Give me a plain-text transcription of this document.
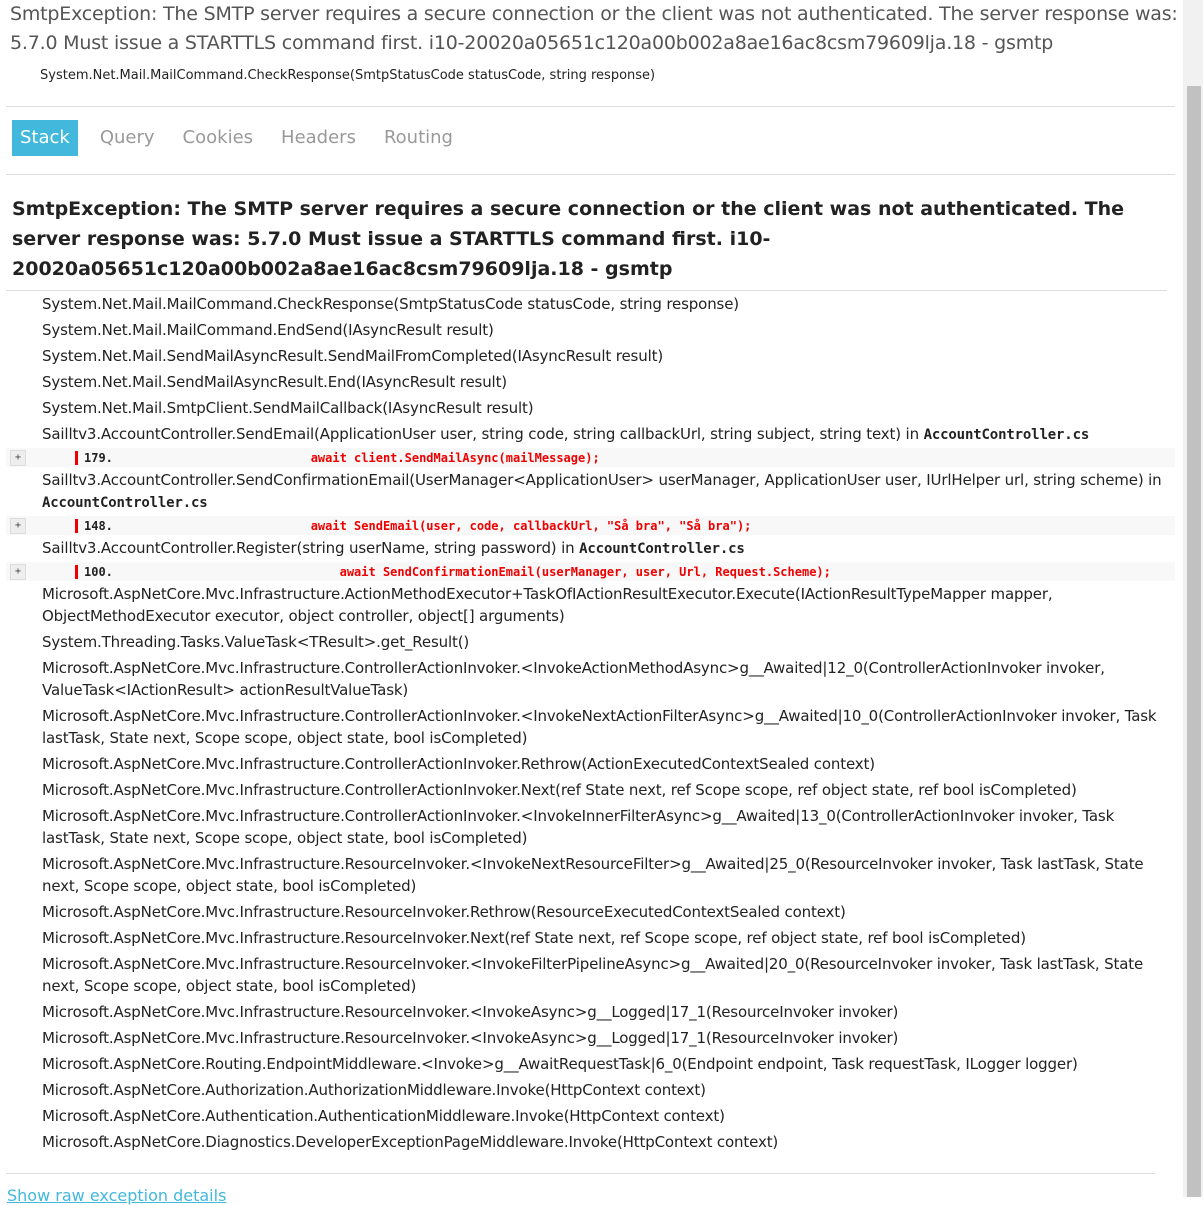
SmtpException: The SMTP server requires a secure connection or the client was not authenticated. The server response was: 5.7.0 Must issue a STARTTLS command first. i10-20020a05651c120a00b002a8ae16ac8csm79609lja.18 - gsmtp
System.Net.Mail.MailCommand.CheckResponse(SmtpStatusCode statusCode, string response)
Stack	Query	Cookies	Headers	Routing
SmtpException: The SMTP server requires a secure connection or the client was not authenticated. The server response was: 5.7.0 Must issue a STARTTLS command first. i10-20020a05651c120a00b002a8ae16ac8csm79609lja.18 - gsmtp
System.Net.Mail.MailCommand.CheckResponse(SmtpStatusCode statusCode, string response)
System.Net.Mail.MailCommand.EndSend(IAsyncResult result)
System.Net.Mail.SendMailAsyncResult.SendMailFromCompleted(IAsyncResult result)
System.Net.Mail.SendMailAsyncResult.End(IAsyncResult result)
System.Net.Mail.SmtpClient.SendMailCallback(IAsyncResult result)
Sailltv3.AccountController.SendEmail(ApplicationUser user, string code, string callbackUrl, string subject, string text) in AccountController.cs
+	179.	await client.SendMailAsync(mailMessage);
Sailltv3.AccountController.SendConfirmationEmail(UserManager<ApplicationUser> userManager, ApplicationUser user, IUrlHelper url, string scheme) in AccountController.cs
+	148.	await SendEmail(user, code, callbackUrl, "Så bra", "Så bra");
Sailltv3.AccountController.Register(string userName, string password) in AccountController.cs
+	100.	await SendConfirmationEmail(userManager, user, Url, Request.Scheme);
Microsoft.AspNetCore.Mvc.Infrastructure.ActionMethodExecutor+TaskOfIActionResultExecutor.Execute(IActionResultTypeMapper mapper, ObjectMethodExecutor executor, object controller, object[] arguments)
System.Threading.Tasks.ValueTask<TResult>.get_Result()
Microsoft.AspNetCore.Mvc.Infrastructure.ControllerActionInvoker.<InvokeActionMethodAsync>g__Awaited|12_0(ControllerActionInvoker invoker, ValueTask<IActionResult> actionResultValueTask)
Microsoft.AspNetCore.Mvc.Infrastructure.ControllerActionInvoker.<InvokeNextActionFilterAsync>g__Awaited|10_0(ControllerActionInvoker invoker, Task lastTask, State next, Scope scope, object state, bool isCompleted)
Microsoft.AspNetCore.Mvc.Infrastructure.ControllerActionInvoker.Rethrow(ActionExecutedContextSealed context)
Microsoft.AspNetCore.Mvc.Infrastructure.ControllerActionInvoker.Next(ref State next, ref Scope scope, ref object state, ref bool isCompleted)
Microsoft.AspNetCore.Mvc.Infrastructure.ControllerActionInvoker.<InvokeInnerFilterAsync>g__Awaited|13_0(ControllerActionInvoker invoker, Task lastTask, State next, Scope scope, object state, bool isCompleted)
Microsoft.AspNetCore.Mvc.Infrastructure.ResourceInvoker.<InvokeNextResourceFilter>g__Awaited|25_0(ResourceInvoker invoker, Task lastTask, State next, Scope scope, object state, bool isCompleted)
Microsoft.AspNetCore.Mvc.Infrastructure.ResourceInvoker.Rethrow(ResourceExecutedContextSealed context)
Microsoft.AspNetCore.Mvc.Infrastructure.ResourceInvoker.Next(ref State next, ref Scope scope, ref object state, ref bool isCompleted)
Microsoft.AspNetCore.Mvc.Infrastructure.ResourceInvoker.<InvokeFilterPipelineAsync>g__Awaited|20_0(ResourceInvoker invoker, Task lastTask, State next, Scope scope, object state, bool isCompleted)
Microsoft.AspNetCore.Mvc.Infrastructure.ResourceInvoker.<InvokeAsync>g__Logged|17_1(ResourceInvoker invoker)
Microsoft.AspNetCore.Mvc.Infrastructure.ResourceInvoker.<InvokeAsync>g__Logged|17_1(ResourceInvoker invoker)
Microsoft.AspNetCore.Routing.EndpointMiddleware.<Invoke>g__AwaitRequestTask|6_0(Endpoint endpoint, Task requestTask, ILogger logger)
Microsoft.AspNetCore.Authorization.AuthorizationMiddleware.Invoke(HttpContext context)
Microsoft.AspNetCore.Authentication.AuthenticationMiddleware.Invoke(HttpContext context)
Microsoft.AspNetCore.Diagnostics.DeveloperExceptionPageMiddleware.Invoke(HttpContext context)
Show raw exception details
